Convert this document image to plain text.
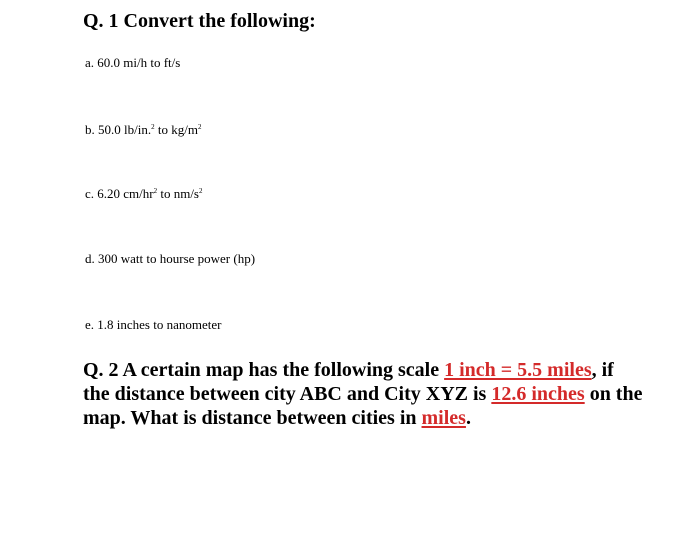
Q. 1 Convert the following:
a. 60.0 mi/h to ft/s
b. 50.0 lb/in.$^2$ to $kg/m^2$
c. 6.20 $cm/hr^2$ to $nm/s^2$
d. 300 watt to hourse power (hp)
e. 1.8 inches to nanometer
Q. 2 A certain map has the following scale 1 inch = 5.5 miles, if the distance between city ABC and City XYZ is 12.6 inches on the map. What is distance between cities in miles.
